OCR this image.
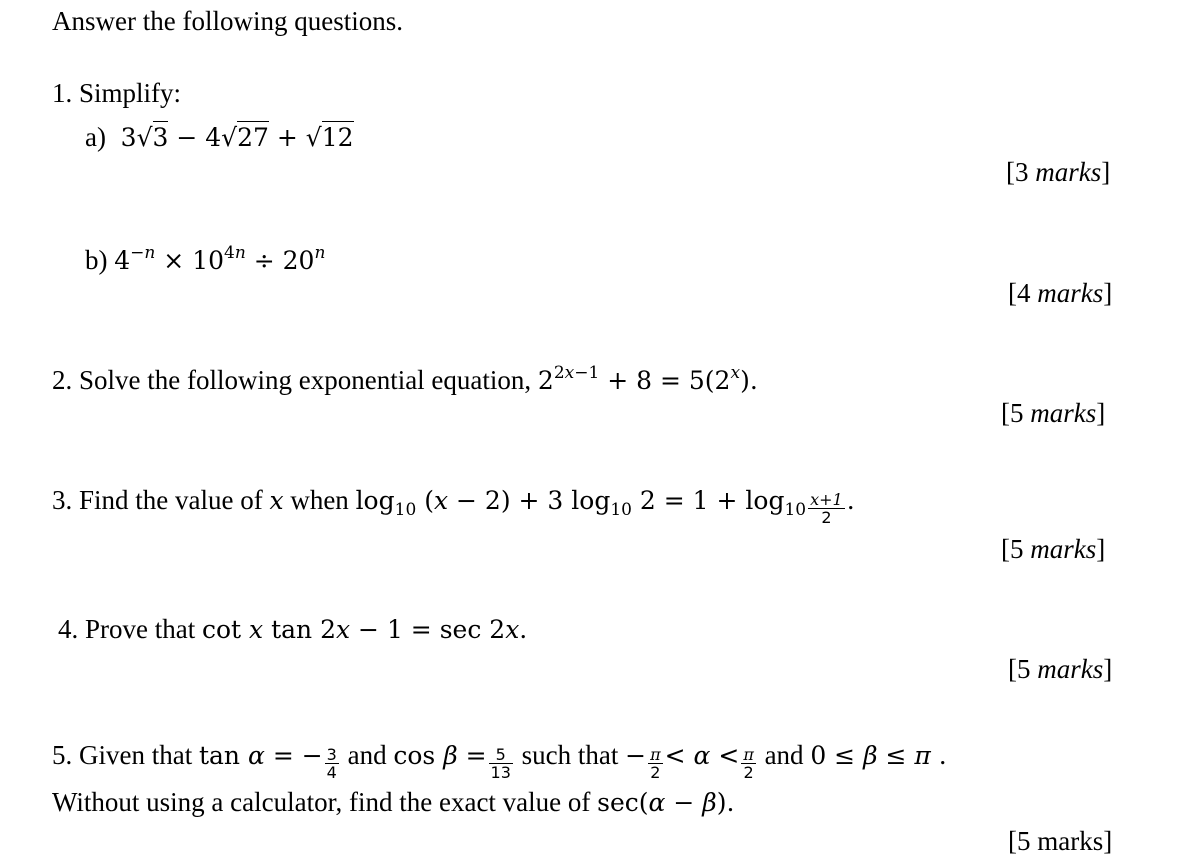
Answer the following questions.
1. Simplify:
a)  3√3 − 4√27 + √12
[3 marks]
b) $4^{-n} \times 10^{4n} \div 20^n$
[4 marks]
2. Solve the following exponential equation, $2^{2x-1} + 8 = 5(2^x)$.
[5 marks]
3. Find the value of x when $\log_{10} (x - 2) + 3$ $\log_{10} 2 = 1 + \log_{10} \frac{x+1}{2}$ .
[5 marks]
4. Prove that cot x tan 2x − 1 = sec 2x.
[5 marks]
5. Given that tan α = − $\frac{3}{4}$ and $\cos \beta = \frac{5}{13}$ such that − $\frac{\pi}{2} < \alpha < \frac{\pi}{2}$ and 0 ≤ β ≤ π .
Without using a calculator, find the exact value of sec(α − β).
[5 marks]
